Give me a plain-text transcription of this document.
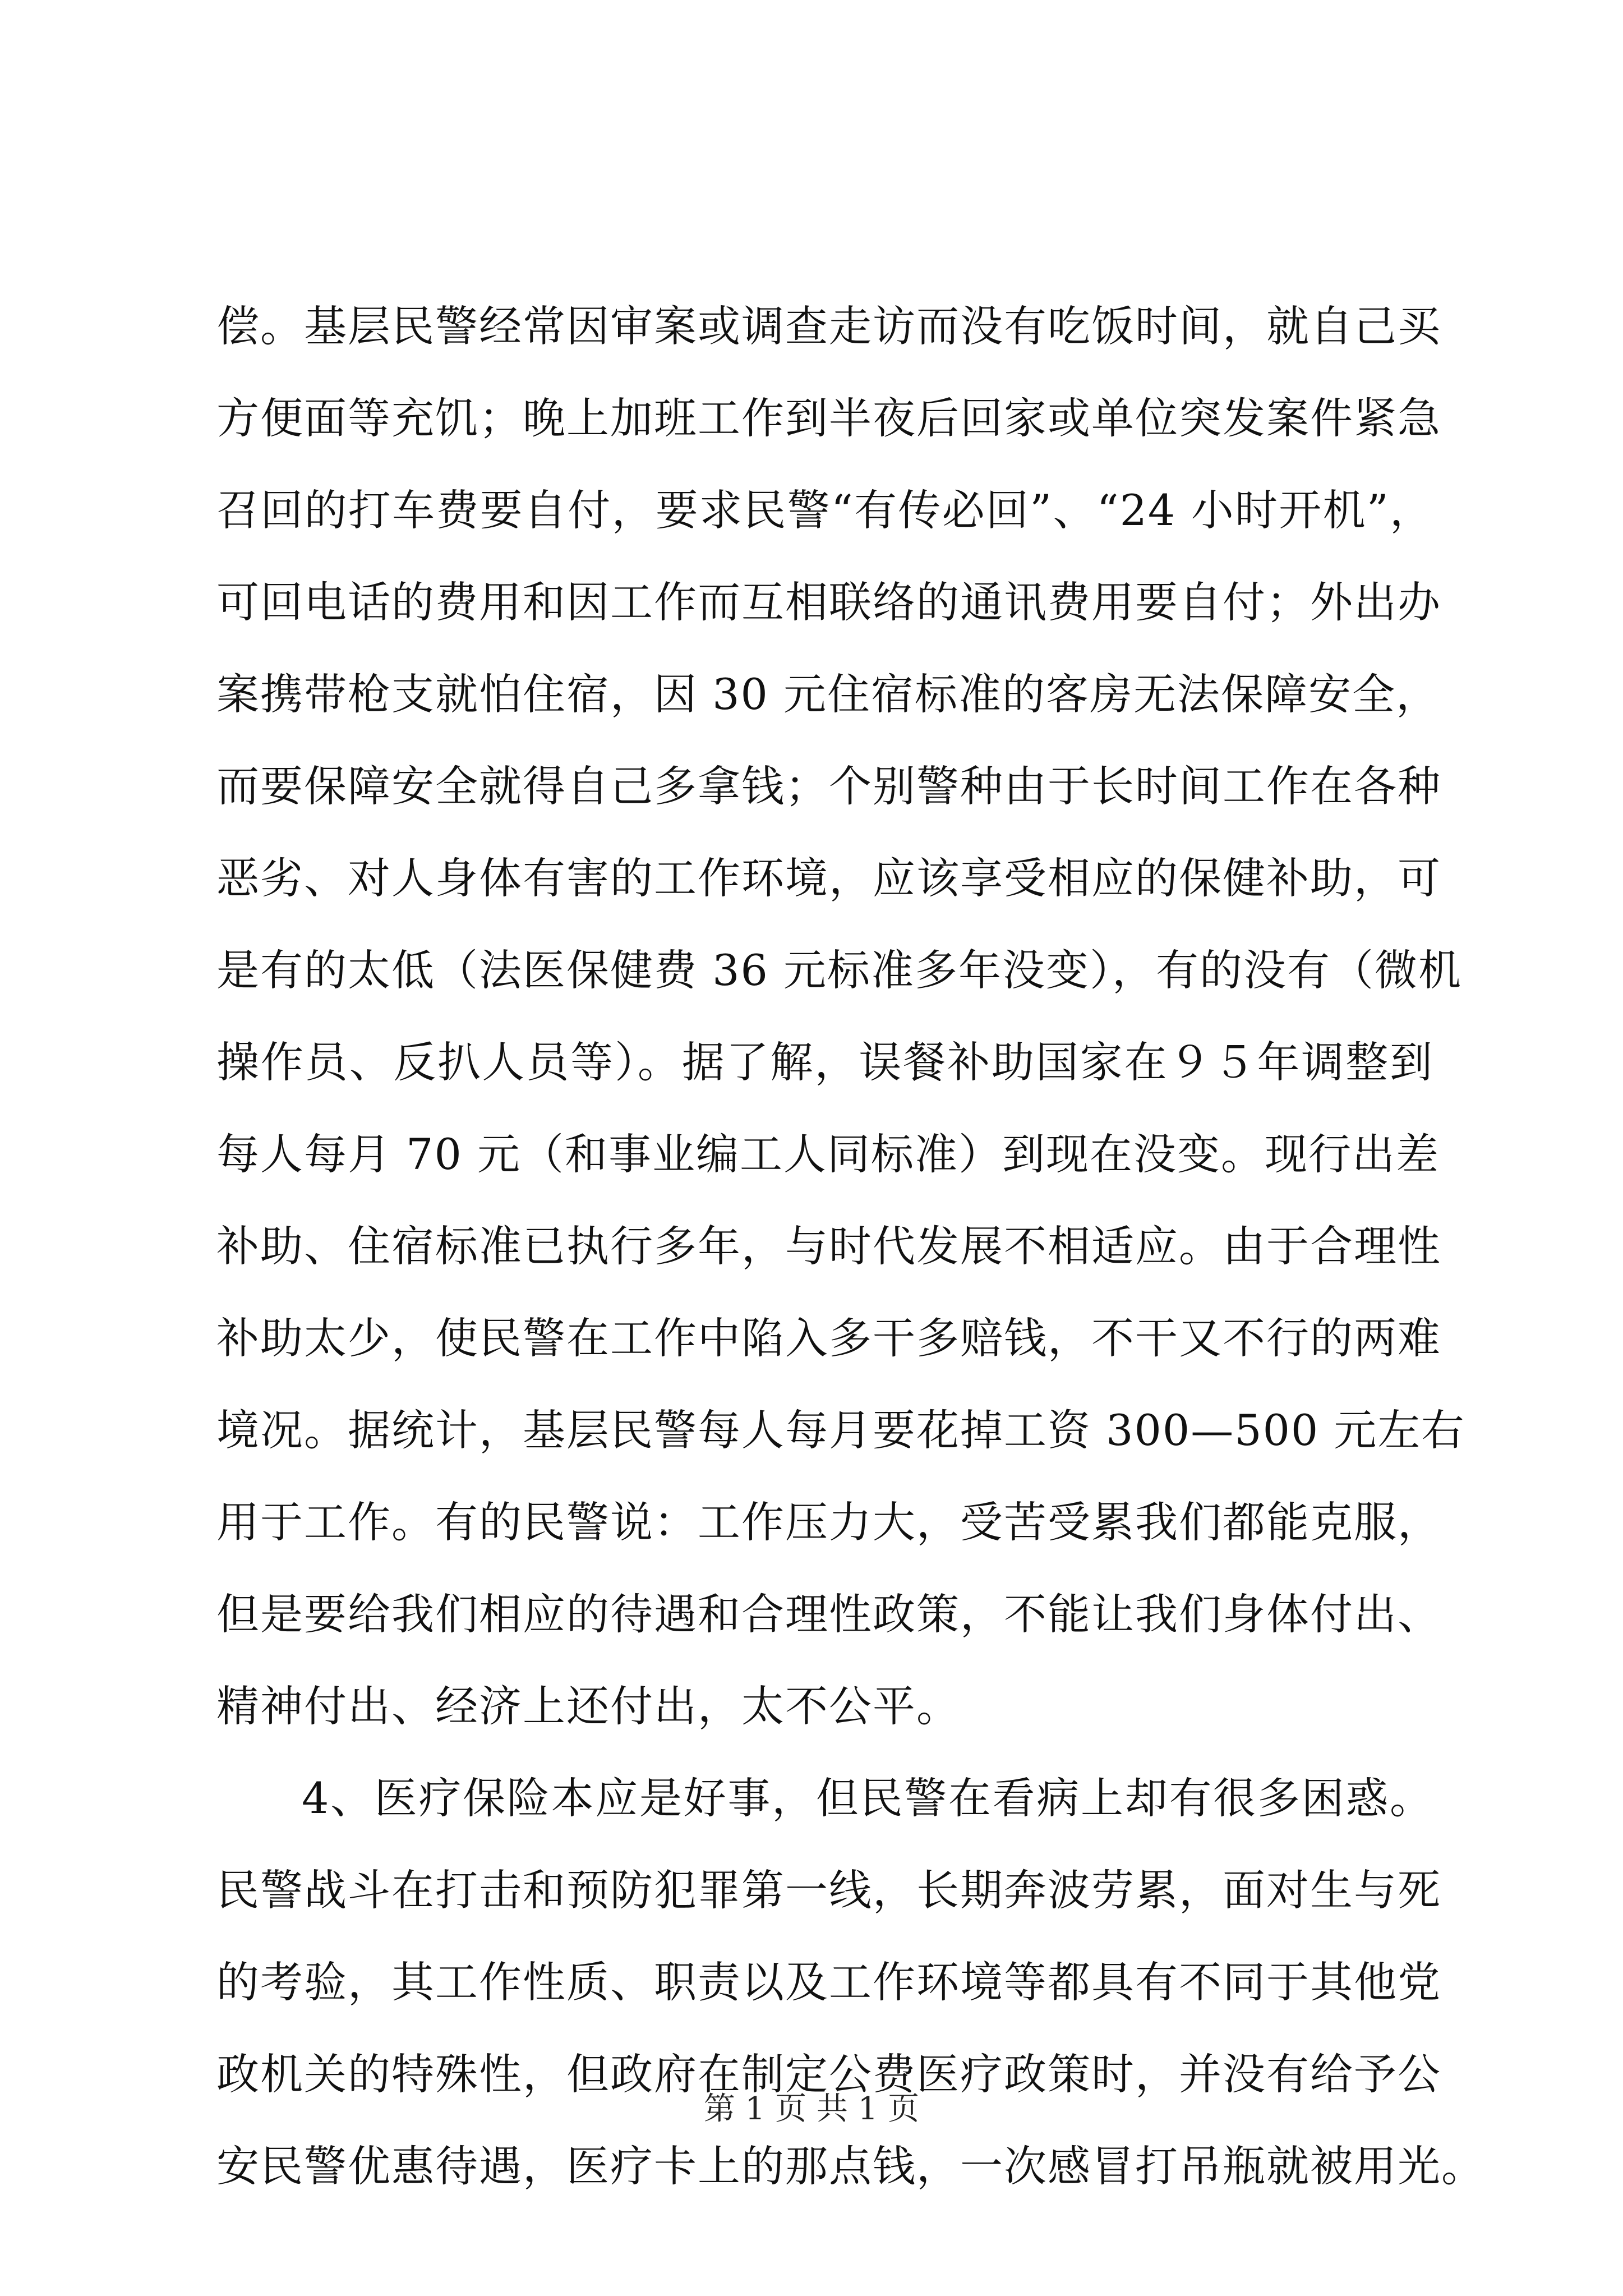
偿。基层民警经常因审案或调查走访而没有吃饭时间，就自己买
方便面等充饥；晚上加班工作到半夜后回家或单位突发案件紧急
召回的打车费要自付，要求民警“有传必回”、“24 小时开机”，
可回电话的费用和因工作而互相联络的通讯费用要自付；外出办
案携带枪支就怕住宿，因 30 元住宿标准的客房无法保障安全，
而要保障安全就得自己多拿钱；个别警种由于长时间工作在各种
恶劣、对人身体有害的工作环境，应该享受相应的保健补助，可
是有的太低（法医保健费 36 元标准多年没变），有的没有（微机
操作员、反扒人员等）。据了解，误餐补助国家在９５年调整到
每人每月 70 元（和事业编工人同标准）到现在没变。现行出差
补助、住宿标准已执行多年，与时代发展不相适应。由于合理性
补助太少，使民警在工作中陷入多干多赔钱，不干又不行的两难
境况。据统计，基层民警每人每月要花掉工资 300—500 元左右
用于工作。有的民警说：工作压力大，受苦受累我们都能克服，
但是要给我们相应的待遇和合理性政策，不能让我们身体付出、
精神付出、经济上还付出，太不公平。
4、医疗保险本应是好事，但民警在看病上却有很多困惑。
民警战斗在打击和预防犯罪第一线，长期奔波劳累，面对生与死
的考验，其工作性质、职责以及工作环境等都具有不同于其他党
政机关的特殊性，但政府在制定公费医疗政策时，并没有给予公
安民警优惠待遇，医疗卡上的那点钱，一次感冒打吊瓶就被用光。
第 1 页 共 1 页
